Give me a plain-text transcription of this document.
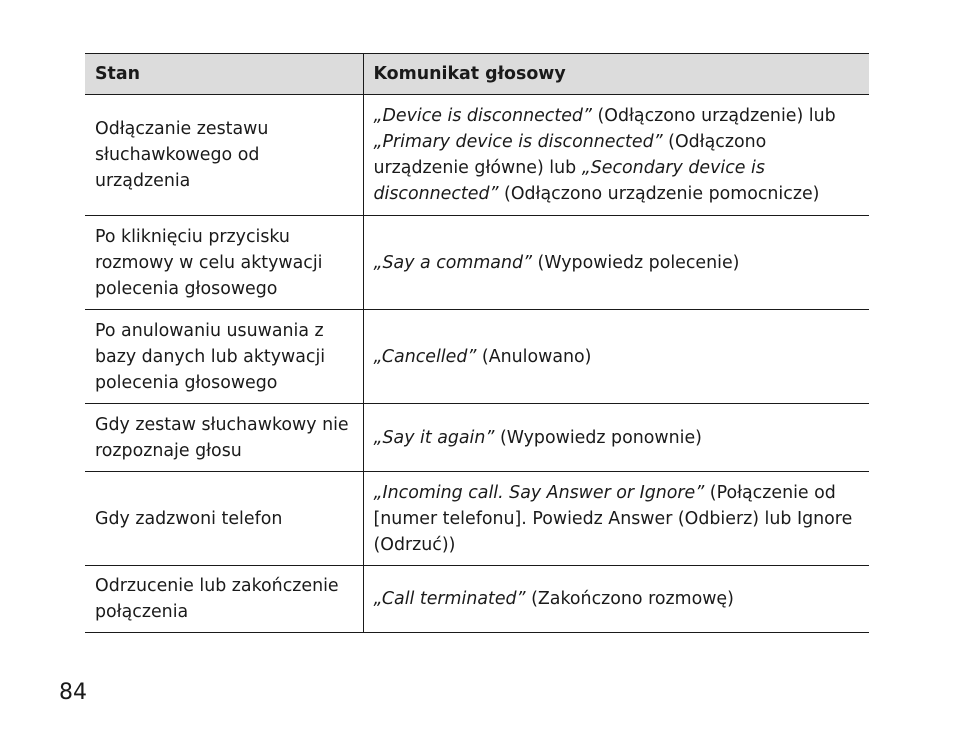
Stan	Komunikat głosowy
Odłączanie zestawu słuchawkowego od urządzenia	„Device is disconnected” (Odłączono urządzenie) lub „Primary device is disconnected” (Odłączono urządzenie główne) lub „Secondary device is disconnected” (Odłączono urządzenie pomocnicze)
Po kliknięciu przycisku rozmowy w celu aktywacji polecenia głosowego	„Say a command” (Wypowiedz polecenie)
Po anulowaniu usuwania z bazy danych lub aktywacji polecenia głosowego	„Cancelled” (Anulowano)
Gdy zestaw słuchawkowy nie rozpoznaje głosu	„Say it again” (Wypowiedz ponownie)
Gdy zadzwoni telefon	„Incoming call. Say Answer or Ignore” (Połączenie od [numer telefonu]. Powiedz Answer (Odbierz) lub Ignore (Odrzuć))
Odrzucenie lub zakończenie połączenia	„Call terminated” (Zakończono rozmowę)
84
